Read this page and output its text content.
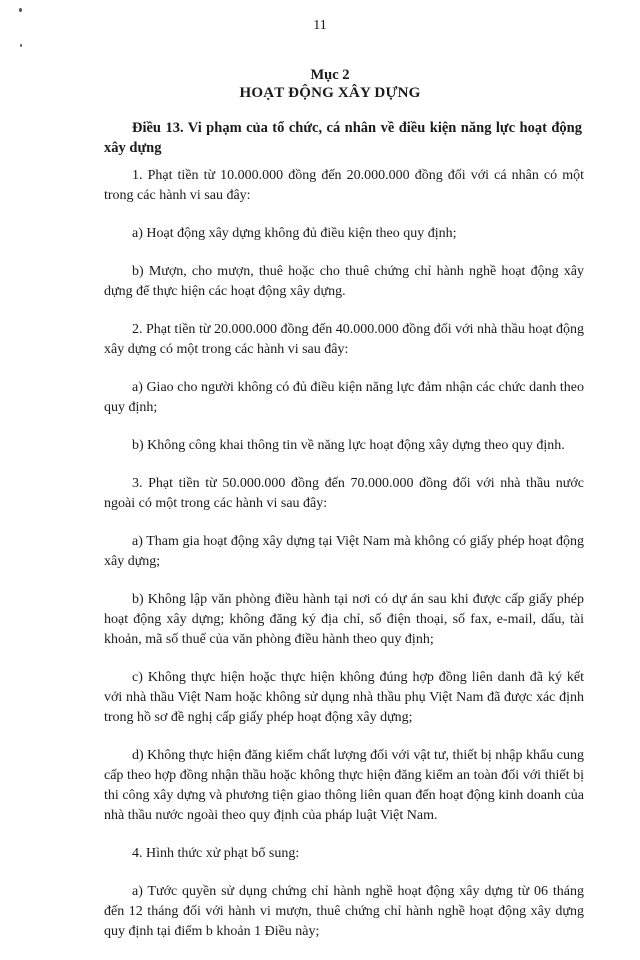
11
Mục 2
HOẠT ĐỘNG XÂY DỰNG
Điều 13. Vi phạm của tổ chức, cá nhân về điều kiện năng lực hoạt động xây dựng

1. Phạt tiền từ 10.000.000 đồng đến 20.000.000 đồng đối với cá nhân có một trong các hành vi sau đây:

a) Hoạt động xây dựng không đủ điều kiện theo quy định;

b) Mượn, cho mượn, thuê hoặc cho thuê chứng chỉ hành nghề hoạt động xây dựng để thực hiện các hoạt động xây dựng.

2. Phạt tiền từ 20.000.000 đồng đến 40.000.000 đồng đối với nhà thầu hoạt động xây dựng có một trong các hành vi sau đây:

a) Giao cho người không có đủ điều kiện năng lực đảm nhận các chức danh theo quy định;

b) Không công khai thông tin về năng lực hoạt động xây dựng theo quy định.

3. Phạt tiền từ 50.000.000 đồng đến 70.000.000 đồng đối với nhà thầu nước ngoài có một trong các hành vi sau đây:

a) Tham gia hoạt động xây dựng tại Việt Nam mà không có giấy phép hoạt động xây dựng;

b) Không lập văn phòng điều hành tại nơi có dự án sau khi được cấp giấy phép hoạt động xây dựng; không đăng ký địa chỉ, số điện thoại, số fax, e-mail, dấu, tài khoản, mã số thuế của văn phòng điều hành theo quy định;

c) Không thực hiện hoặc thực hiện không đúng hợp đồng liên danh đã ký kết với nhà thầu Việt Nam hoặc không sử dụng nhà thầu phụ Việt Nam đã được xác định trong hồ sơ đề nghị cấp giấy phép hoạt động xây dựng;

d) Không thực hiện đăng kiểm chất lượng đối với vật tư, thiết bị nhập khẩu cung cấp theo hợp đồng nhận thầu hoặc không thực hiện đăng kiểm an toàn đối với thiết bị thi công xây dựng và phương tiện giao thông liên quan đến hoạt động kinh doanh của nhà thầu nước ngoài theo quy định của pháp luật Việt Nam.

4. Hình thức xử phạt bổ sung:

a) Tước quyền sử dụng chứng chỉ hành nghề hoạt động xây dựng từ 06 tháng đến 12 tháng đối với hành vi mượn, thuê chứng chỉ hành nghề hoạt động xây dựng quy định tại điểm b khoản 1 Điều này;
